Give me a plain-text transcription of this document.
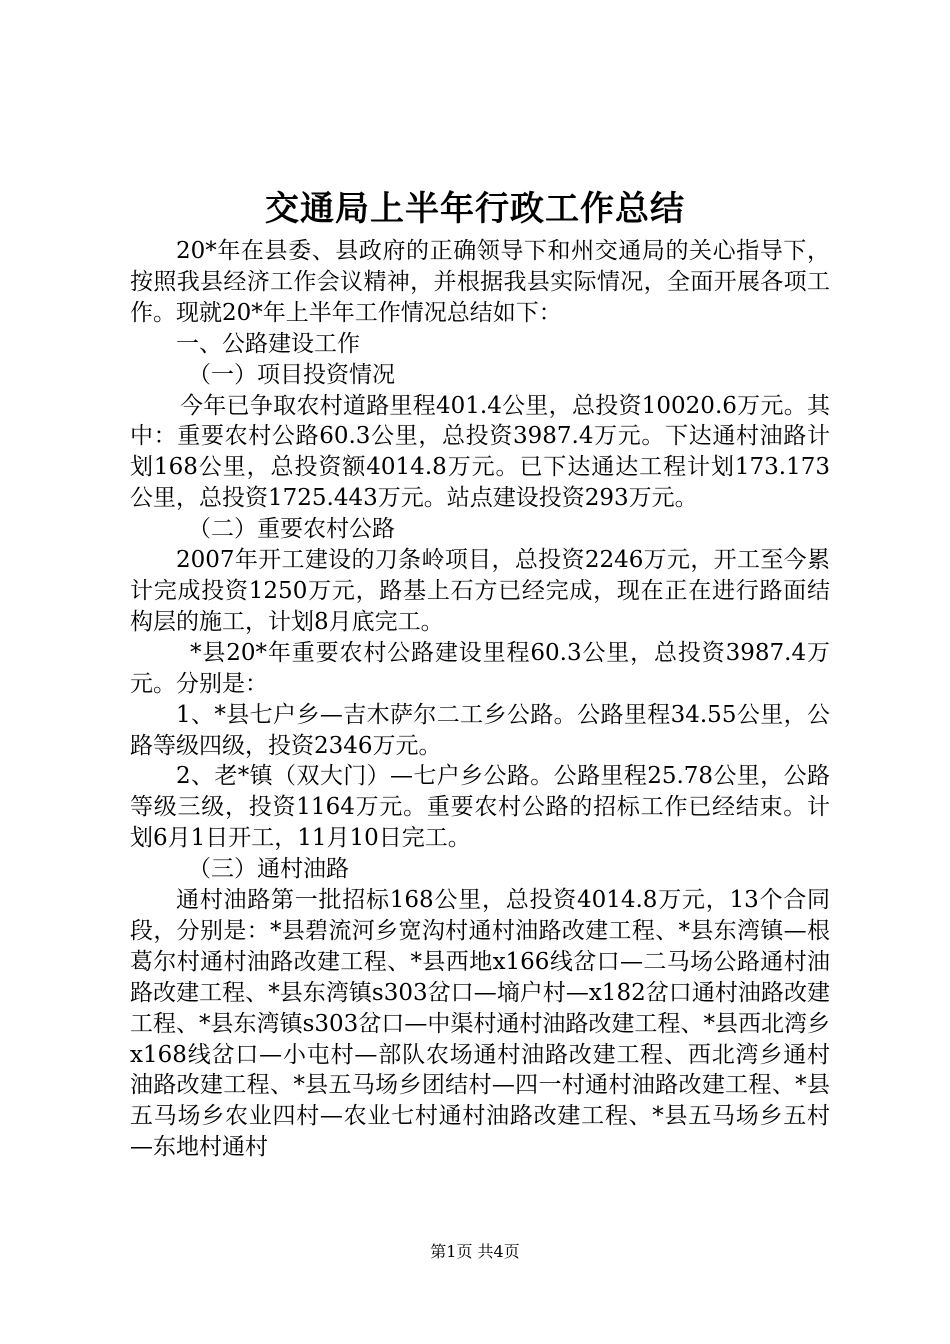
交通局上半年行政工作总结

20*年在县委、县政府的正确领导下和州交通局的关心指导下，按照我县经济工作会议精神，并根据我县实际情况，全面开展各项工作。现就20*年上半年工作情况总结如下：

一、公路建设工作

（一）项目投资情况

今年已争取农村道路里程401.4公里，总投资10020.6万元。其中：重要农村公路60.3公里，总投资3987.4万元。下达通村油路计划168公里，总投资额4014.8万元。已下达通达工程计划173.173公里，总投资1725.443万元。站点建设投资293万元。

（二）重要农村公路

2007年开工建设的刀条岭项目，总投资2246万元，开工至今累计完成投资1250万元，路基上石方已经完成，现在正在进行路面结构层的施工，计划8月底完工。

*县20*年重要农村公路建设里程60.3公里，总投资3987.4万元。分别是：

1、*县七户乡—吉木萨尔二工乡公路。公路里程34.55公里，公路等级四级，投资2346万元。

2、老*镇（双大门）—七户乡公路。公路里程25.78公里，公路等级三级，投资1164万元。重要农村公路的招标工作已经结束。计划6月1日开工，11月10日完工。

（三）通村油路

通村油路第一批招标168公里，总投资4014.8万元，13个合同段，分别是：*县碧流河乡宽沟村通村油路改建工程、*县东湾镇—根葛尔村通村油路改建工程、*县西地x166线岔口—二马场公路通村油路改建工程、*县东湾镇s303岔口—墒户村—x182岔口通村油路改建工程、*县东湾镇s303岔口—中渠村通村油路改建工程、*县西北湾乡x168线岔口—小屯村—部队农场通村油路改建工程、西北湾乡通村油路改建工程、*县五马场乡团结村—四一村通村油路改建工程、*县五马场乡农业四村—农业七村通村油路改建工程、*县五马场乡五村—东地村通村

第1页 共4页
